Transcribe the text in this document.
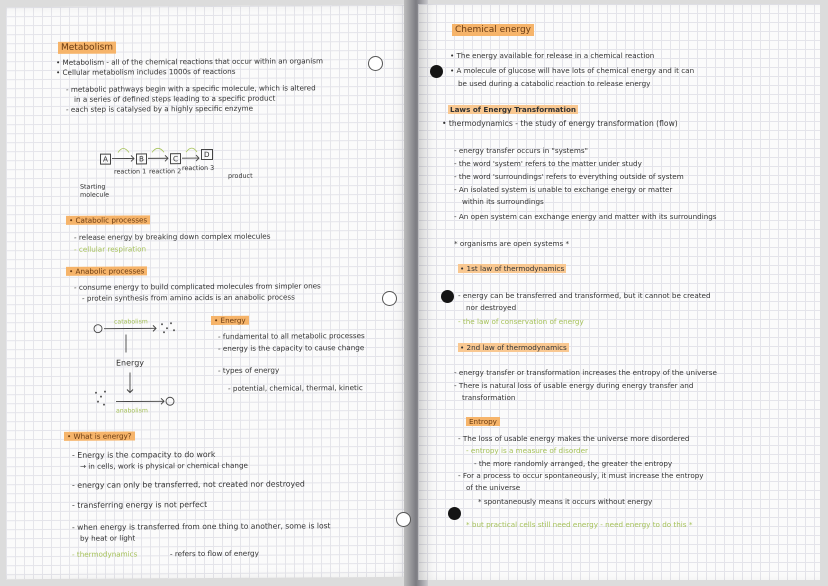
Metabolism
• Metabolism - all of the chemical reactions that occur within an organism
• Cellular metabolism includes 1000s of reactions
- metabolic pathways begin with a specific molecule, which is altered
in a series of defined steps leading to a specific product
- each step is catalysed by a highly specific enzyme
A	B	C	D
reaction 1 reaction 2 reaction 3
Starting molecule
product
• Catabolic processes
- release energy by breaking down complex molecules
- cellular respiration
• Anabolic processes
- consume energy to build complicated molecules from simpler ones
- protein synthesis from amino acids is an anabolic process
catabolism
Energy
anabolism
• Energy
- fundamental to all metabolic processes
- energy is the capacity to cause change
- types of energy
- potential, chemical, thermal, kinetic
• What is energy?
- Energy is the compacity to do work
→ in cells, work is physical or chemical change
- energy can only be transferred, not created nor destroyed
- transferring energy is not perfect
- when energy is transferred from one thing to another, some is lost
by heat or light
- thermodynamics	- refers to flow of energy
Chemical energy
• The energy available for release in a chemical reaction
• A molecule of glucose will have lots of chemical energy and it can
be used during a catabolic reaction to release energy
Laws of Energy Transformation
• thermodynamics - the study of energy transformation (flow)
- energy transfer occurs in "systems"
- the word 'system' refers to the matter under study
- the word 'surroundings' refers to everything outside of system
- An isolated system is unable to exchange energy or matter
within its surroundings
- An open system can exchange energy and matter with its surroundings
* organisms are open systems *
• 1st law of thermodynamics
- energy can be transferred and transformed, but it cannot be created
nor destroyed
- the law of conservation of energy
• 2nd law of thermodynamics
- energy transfer or transformation increases the entropy of the universe
- There is natural loss of usable energy during energy transfer and
transformation
Entropy
- The loss of usable energy makes the universe more disordered
- entropy is a measure of disorder
- the more randomly arranged, the greater the entropy
- For a process to occur spontaneously, it must increase the entropy
of the universe
* spontaneously means it occurs without energy
* but practical cells still need energy - need energy to do this *
